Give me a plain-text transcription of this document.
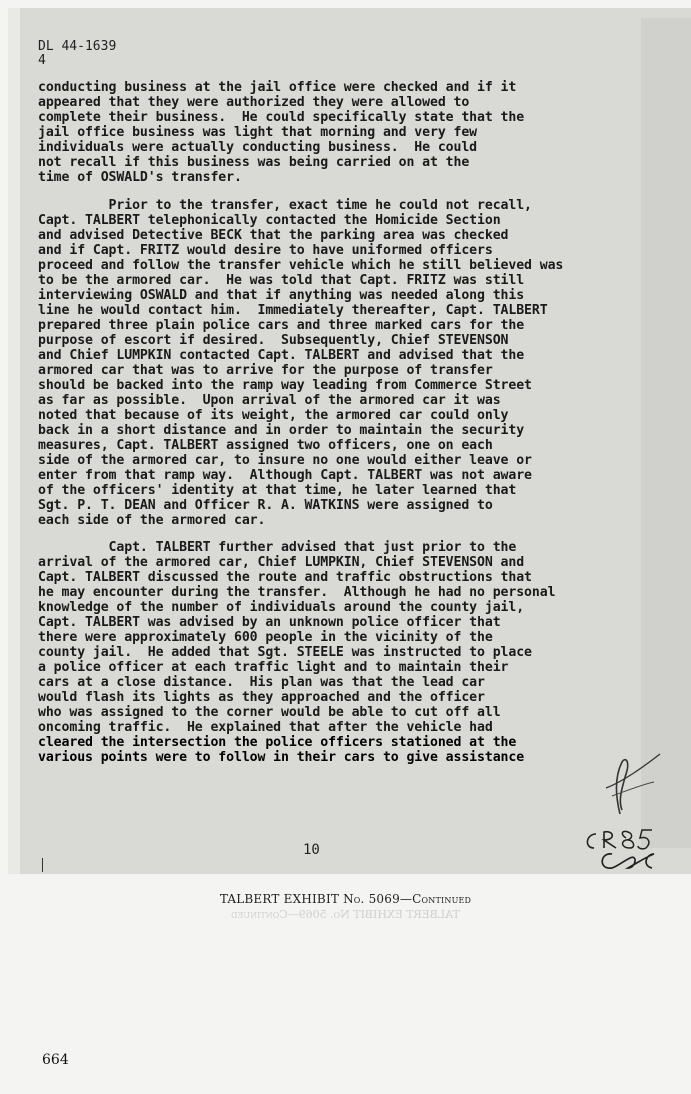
DL 44-1639
4
conducting business at the jail office were checked and if it
appeared that they were authorized they were allowed to
complete their business.  He could specifically state that the
jail office business was light that morning and very few
individuals were actually conducting business.  He could
not recall if this business was being carried on at the
time of OSWALD's transfer.
Prior to the transfer, exact time he could not recall,
Capt. TALBERT telephonically contacted the Homicide Section
and advised Detective BECK that the parking area was checked
and if Capt. FRITZ would desire to have uniformed officers
proceed and follow the transfer vehicle which he still believed was
to be the armored car.  He was told that Capt. FRITZ was still
interviewing OSWALD and that if anything was needed along this
line he would contact him.  Immediately thereafter, Capt. TALBERT
prepared three plain police cars and three marked cars for the
purpose of escort if desired.  Subsequently, Chief STEVENSON
and Chief LUMPKIN contacted Capt. TALBERT and advised that the
armored car that was to arrive for the purpose of transfer
should be backed into the ramp way leading from Commerce Street
as far as possible.  Upon arrival of the armored car it was
noted that because of its weight, the armored car could only
back in a short distance and in order to maintain the security
measures, Capt. TALBERT assigned two officers, one on each
side of the armored car, to insure no one would either leave or
enter from that ramp way.  Although Capt. TALBERT was not aware
of the officers' identity at that time, he later learned that
Sgt. P. T. DEAN and Officer R. A. WATKINS were assigned to
each side of the armored car.
Capt. TALBERT further advised that just prior to the
arrival of the armored car, Chief LUMPKIN, Chief STEVENSON and
Capt. TALBERT discussed the route and traffic obstructions that
he may encounter during the transfer.  Although he had no personal
knowledge of the number of individuals around the county jail,
Capt. TALBERT was advised by an unknown police officer that
there were approximately 600 people in the vicinity of the
county jail.  He added that Sgt. STEELE was instructed to place
a police officer at each traffic light and to maintain their
cars at a close distance.  His plan was that the lead car
would flash its lights as they approached and the officer
who was assigned to the corner would be able to cut off all
oncoming traffic.  He explained that after the vehicle had
cleared the intersection the police officers stationed at the
various points were to follow in their cars to give assistance
10
TALBERT EXHIBIT No. 5069—Continued
TALBERT EXHIBIT No. 5069—Continued
664
